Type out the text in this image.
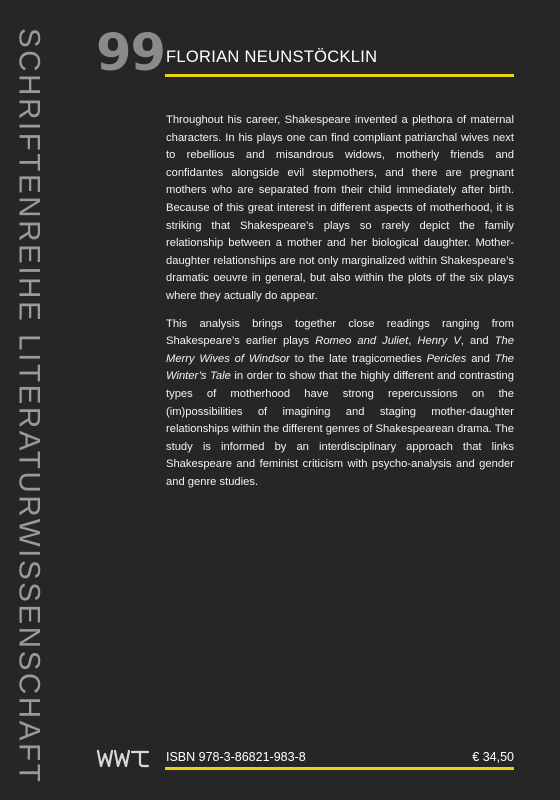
SCHRIFTENREIHE LITERATURWISSENSCHAFT 99 FLORIAN NEUNSTÖCKLIN

Throughout his career, Shakespeare invented a plethora of maternal characters. In his plays one can find compliant patriarchal wives next to rebellious and misandrous widows, motherly friends and confidantes alongside evil stepmothers, and there are pregnant mothers who are separated from their child immediately after birth. Because of this great interest in different aspects of motherhood, it is striking that Shakespeare’s plays so rarely depict the family relationship between a mother and her biological daughter. Mother-daughter relationships are not only marginalized within Shakespeare’s dramatic oeuvre in general, but also within the plots of the six plays where they actually do appear.

This analysis brings together close readings ranging from Shakespeare’s earlier plays Romeo and Juliet, Henry V, and The Merry Wives of Windsor to the late tragicomedies Pericles and The Winter’s Tale in order to show that the highly different and contrasting types of motherhood have strong repercussions on the (im)possibilities of imagining and staging mother-daughter relationships within the different genres of Shakespearean drama. The study is informed by an interdisciplinary approach that links Shakespeare and feminist criticism with psycho-analysis and gender and genre studies.

ISBN 978-3-86821-983-8	€ 34,50
